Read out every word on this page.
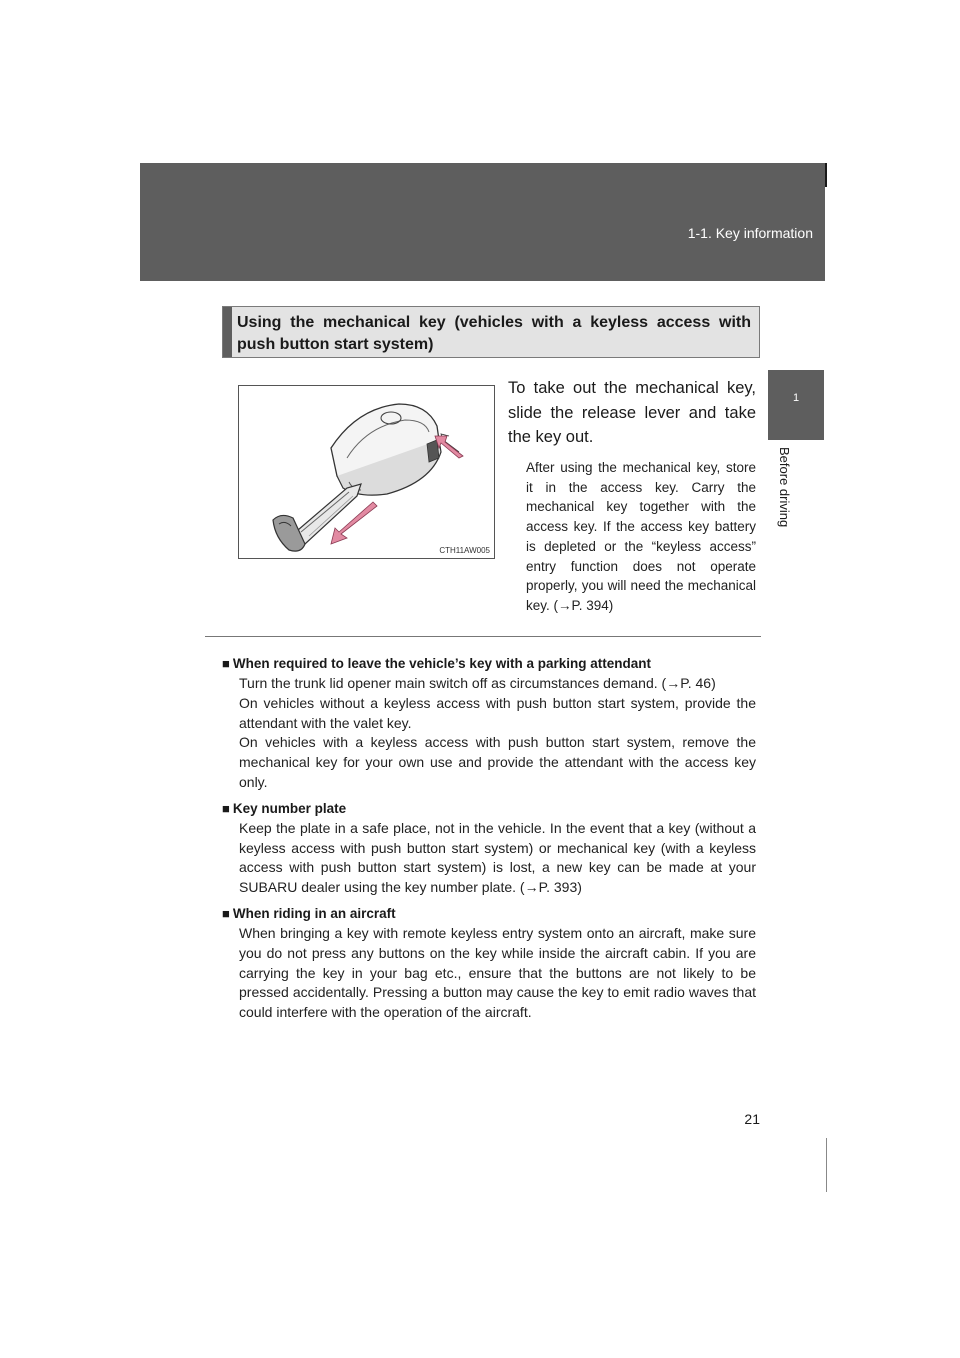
1-1. Key information
1
Before driving
Using the mechanical key (vehicles with a keyless access with push button start system)
CTH11AW005
To take out the mechanical key, slide the release lever and take the key out.
After using the mechanical key, store it in the access key. Carry the mechanical key together with the access key. If the access key battery is depleted or the “keyless access” entry function does not operate properly, you will need the mechanical key. (→P. 394)
■ When required to leave the vehicle’s key with a parking attendant

Turn the trunk lid opener main switch off as circumstances demand. (→P. 46)

On vehicles without a keyless access with push button start system, provide the attendant with the valet key.

On vehicles with a keyless access with push button start system, remove the mechanical key for your own use and provide the attendant with the access key only.

■ Key number plate

Keep the plate in a safe place, not in the vehicle. In the event that a key (without a keyless access with push button start system) or mechanical key (with a keyless access with push button start system) is lost, a new key can be made at your SUBARU dealer using the key number plate. (→P. 393)

■ When riding in an aircraft

When bringing a key with remote keyless entry system onto an aircraft, make sure you do not press any buttons on the key while inside the aircraft cabin. If you are carrying the key in your bag etc., ensure that the buttons are not likely to be pressed accidentally. Pressing a button may cause the key to emit radio waves that could interfere with the operation of the aircraft.

21
